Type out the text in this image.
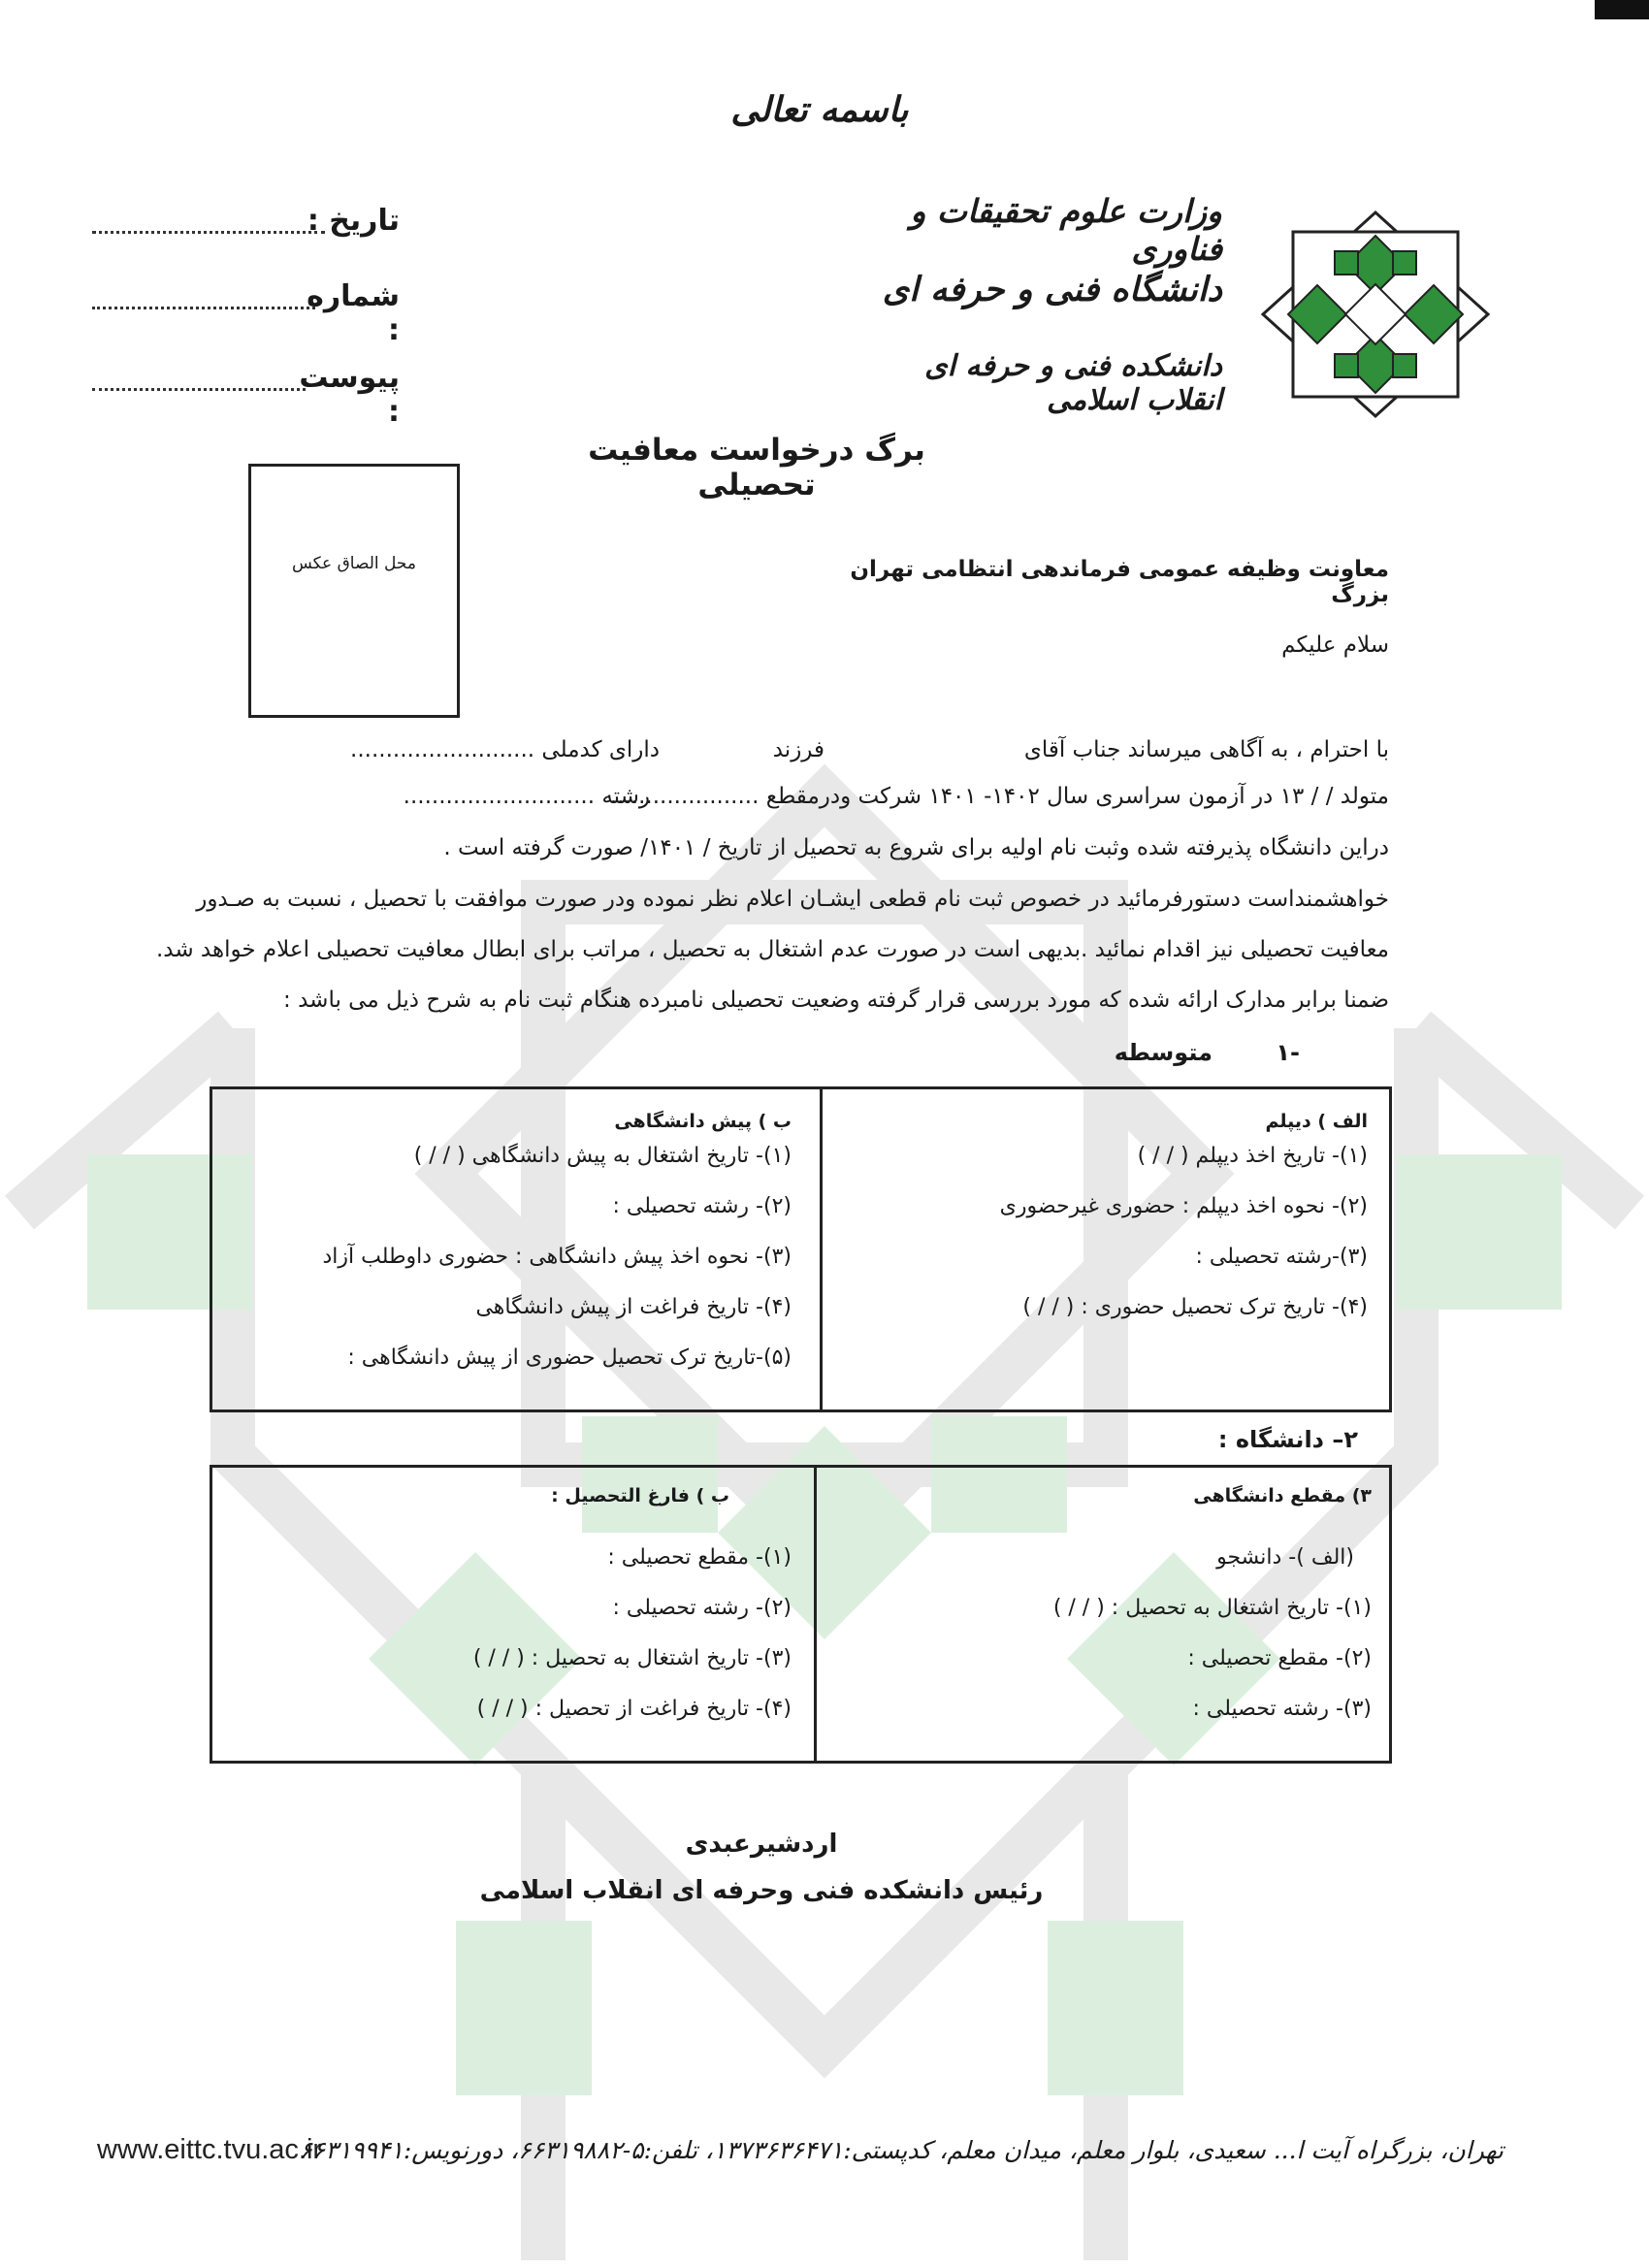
باسمه تعالی
وزارت علوم تحقیقات و فناوری
دانشگاه فنی و حرفه ای
دانشکده فنی و حرفه ای انقلاب اسلامی
تاریخ :
شماره :
پیوست :
برگ درخواست معافیت تحصیلی
محل الصاق عکس	معاونت وظیفه عمومی فرماندهی انتظامی تهران بزرگ
سلام علیکم
با احترام ، به آگاهی میرساند جناب آقای
فرزند
دارای کدملی ..........................
متولد / / ۱۳ در آزمون سراسری سال ۱۴۰۲- ۱۴۰۱ شرکت ودرمقطع .....................
رشته ...........................
دراین دانشگاه پذیرفته شده وثبت نام اولیه برای شروع به تحصیل از تاریخ / ۱۴۰۱/ صورت گرفته است .
خواهشمنداست دستورفرمائید در خصوص ثبت نام قطعی ایشـان اعلام نظر نموده ودر صورت موافقت با تحصیل ، نسبت به صـدور
معافیت تحصیلی نیز اقدام نمائید .بدیهی است در صورت عدم اشتغال به تحصیل ، مراتب برای ابطال معافیت تحصیلی اعلام خواهد شد.
ضمنا برابر مدارک ارائه شده که مورد بررسی قرار گرفته وضعیت تحصیلی نامبرده هنگام ثبت نام به شرح ذیل می باشد :
۱-
متوسطه
الف ) دیپلم
(۱)- تاریخ اخذ دیپلم ( / / )
(۲)- نحوه اخذ دیپلم : حضوری غیرحضوری
(۳)-رشته تحصیلی :
(۴)- تاریخ ترک تحصیل حضوری : ( / / )
ب ) پیش دانشگاهی
(۱)- تاریخ اشتغال به پیش دانشگاهی ( / / )
(۲)- رشته تحصیلی :
(۳)- نحوه اخذ پیش دانشگاهی : حضوری داوطلب آزاد
(۴)- تاریخ فراغت از پیش دانشگاهی
(۵)-تاریخ ترک تحصیل حضوری از پیش دانشگاهی :
۲– دانشگاه :
۳) مقطع دانشگاهی
(الف )- دانشجو
(۱)- تاریخ اشتغال به تحصیل : ( / / )
(۲)- مقطع تحصیلی :
(۳)- رشته تحصیلی :
ب ) فارغ التحصیل :
(۱)- مقطع تحصیلی :
(۲)- رشته تحصیلی :
(۳)- تاریخ اشتغال به تحصیل : ( / / )
(۴)- تاریخ فراغت از تحصیل : ( / / )
اردشیرعبدی
رئیس دانشکده فنی وحرفه ای انقلاب اسلامی
www.eittc.tvu.ac.ir
تهران، بزرگراه آیت ا... سعیدی، بلوار معلم، میدان معلم، کدپستی:۱۳۷۳۶۳۶۴۷۱، تلفن:۵-۶۶۳۱۹۸۸۲، دورنویس:۶۶۳۱۹۹۴۱
